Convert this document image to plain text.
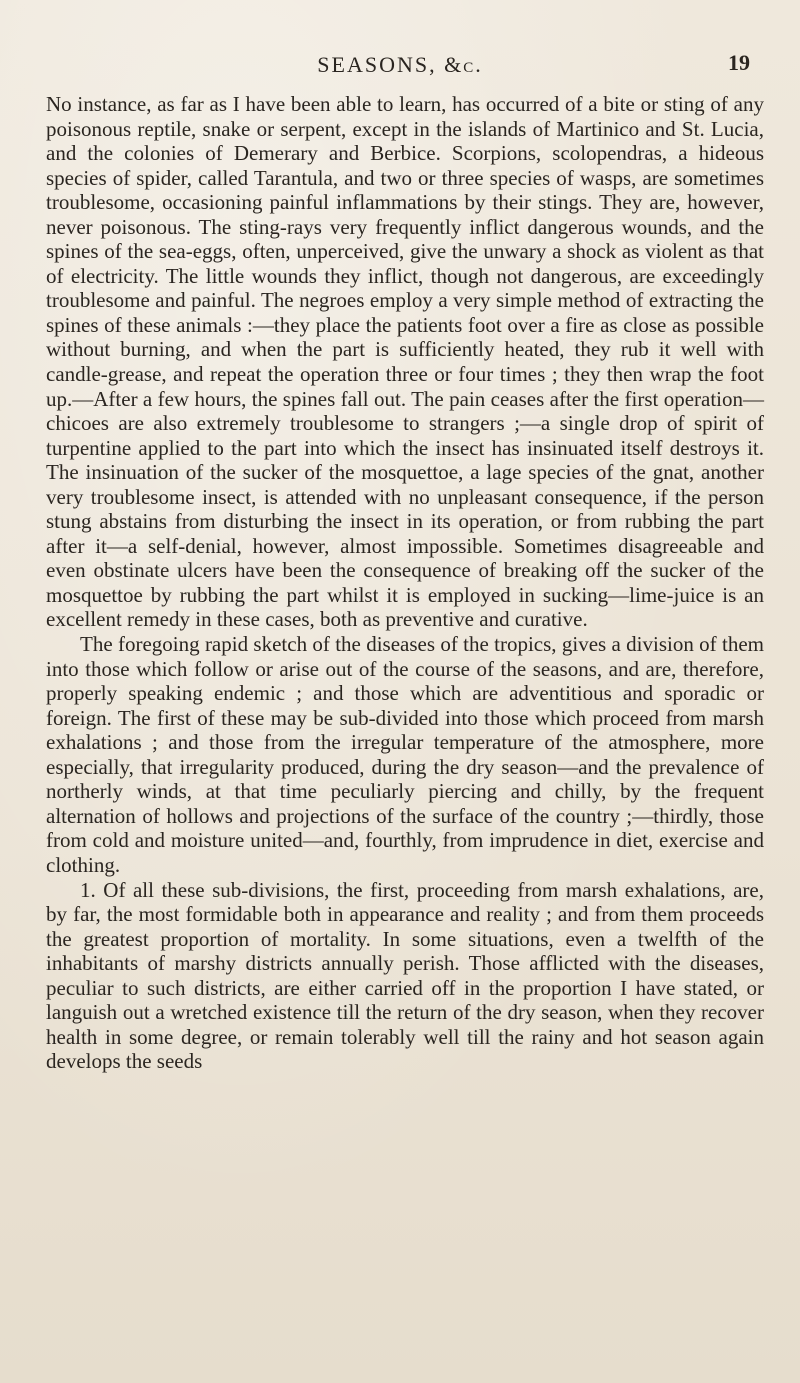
SEASONS, &c.	19

No instance, as far as I have been able to learn, has occurred of a bite or sting of any poisonous reptile, snake or serpent, except in the islands of Martinico and St. Lucia, and the colonies of Demerary and Berbice. Scorpions, scolopendras, a hideous species of spider, called Tarantula, and two or three species of wasps, are sometimes troublesome, occasioning painful inflammations by their stings. They are, however, never poisonous. The sting-rays very frequently inflict dangerous wounds, and the spines of the sea-eggs, often, unperceived, give the unwary a shock as violent as that of electricity. The little wounds they inflict, though not dangerous, are exceedingly troublesome and painful. The negroes employ a very simple method of extracting the spines of these animals :—they place the patients foot over a fire as close as possible without burning, and when the part is sufficiently heated, they rub it well with candle-grease, and repeat the operation three or four times ; they then wrap the foot up.—After a few hours, the spines fall out. The pain ceases after the first operation—chicoes are also extremely troublesome to strangers ;—a single drop of spirit of turpentine applied to the part into which the insect has insinuated itself destroys it. The insinuation of the sucker of the mosquettoe, a lage species of the gnat, another very troublesome insect, is attended with no unpleasant consequence, if the person stung abstains from disturbing the insect in its operation, or from rubbing the part after it—a self-denial, however, almost impossible. Sometimes disagreeable and even obstinate ulcers have been the consequence of breaking off the sucker of the mosquettoe by rubbing the part whilst it is employed in sucking—lime-juice is an excellent remedy in these cases, both as preventive and curative.

The foregoing rapid sketch of the diseases of the tropics, gives a division of them into those which follow or arise out of the course of the seasons, and are, therefore, properly speaking endemic ; and those which are adventitious and sporadic or foreign. The first of these may be sub-divided into those which proceed from marsh exhalations ; and those from the irregular temperature of the atmosphere, more especially, that irregularity produced, during the dry season—and the prevalence of northerly winds, at that time peculiarly piercing and chilly, by the frequent alternation of hollows and projections of the surface of the country ;—thirdly, those from cold and moisture united—and, fourthly, from imprudence in diet, exercise and clothing.

1. Of all these sub-divisions, the first, proceeding from marsh exhalations, are, by far, the most formidable both in appearance and reality ; and from them proceeds the greatest proportion of mortality. In some situations, even a twelfth of the inhabitants of marshy districts annually perish. Those afflicted with the diseases, peculiar to such districts, are either carried off in the proportion I have stated, or languish out a wretched existence till the return of the dry season, when they recover health in some degree, or remain tolerably well till the rainy and hot season again develops the seeds
